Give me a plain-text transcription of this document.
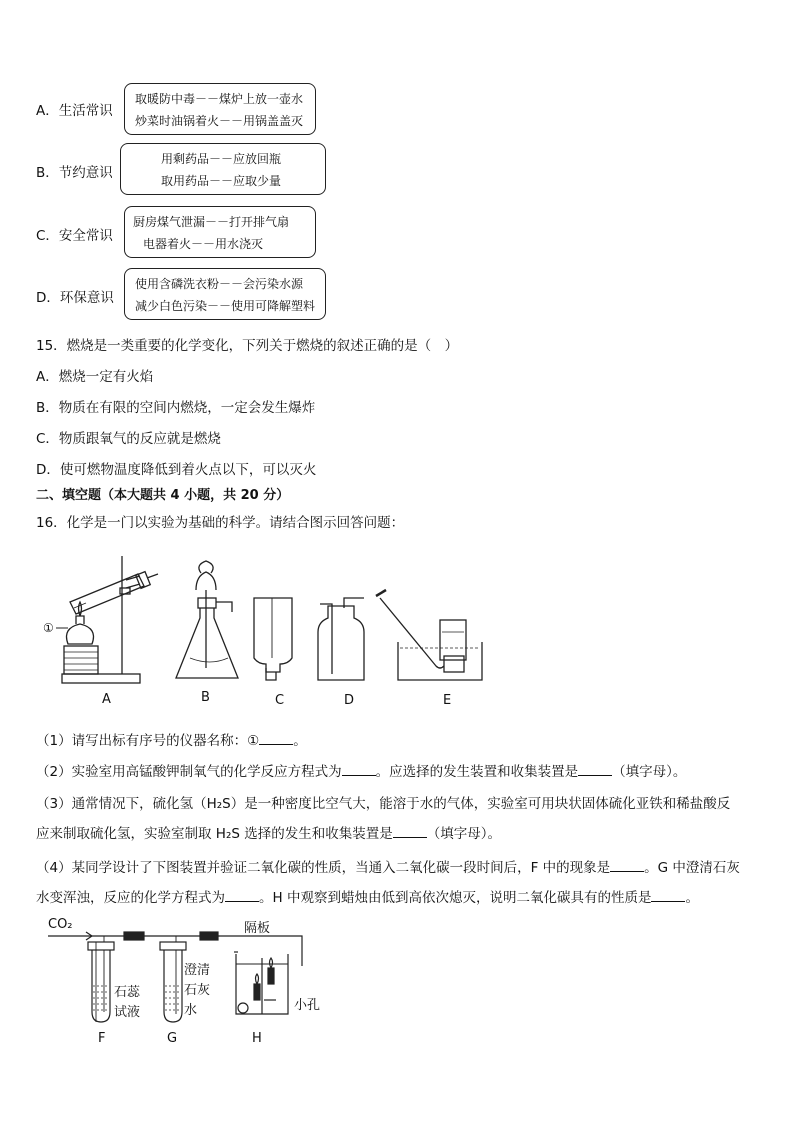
A．生活常识
取暖防中毒－－煤炉上放一壶水
炒菜时油锅着火－－用锅盖盖灭
B．节约意识
用剩药品－－应放回瓶
取用药品－－应取少量
C．安全常识
厨房煤气泄漏－－打开排气扇
电器着火－－用水浇灭
D．环保意识
使用含磷洗衣粉－－会污染水源
减少白色污染－－使用可降解塑料
15．燃烧是一类重要的化学变化，下列关于燃烧的叙述正确的是（　）
A．燃烧一定有火焰
B．物质在有限的空间内燃烧，一定会发生爆炸
C．物质跟氧气的反应就是燃烧
D．使可燃物温度降低到着火点以下，可以灭火
二、填空题（本大题共 4 小题，共 20 分）
16．化学是一门以实验为基础的科学。请结合图示回答问题：
①
A	B	C	D	E
（1）请写出标有序号的仪器名称：①	。
（2）实验室用高锰酸钾制氧气的化学反应方程式为	。应选择的发生装置和收集装置是	（填字母）。
（3）通常情况下，硫化氢（H₂S）是一种密度比空气大，能溶于水的气体，实验室可用块状固体硫化亚铁和稀盐酸反
应来制取硫化氢，实验室制取 H₂S 选择的发生和收集装置是	（填字母）。
（4）某同学设计了下图装置并验证二氧化碳的性质，当通入二氧化碳一段时间后，F 中的现象是	。G 中澄清石灰
水变浑浊，反应的化学方程式为	。H 中观察到蜡烛由低到高依次熄灭，说明二氧化碳具有的性质是	。
CO₂	隔板
石蕊
试液
澄清
石灰
水	小孔
F	G	H
